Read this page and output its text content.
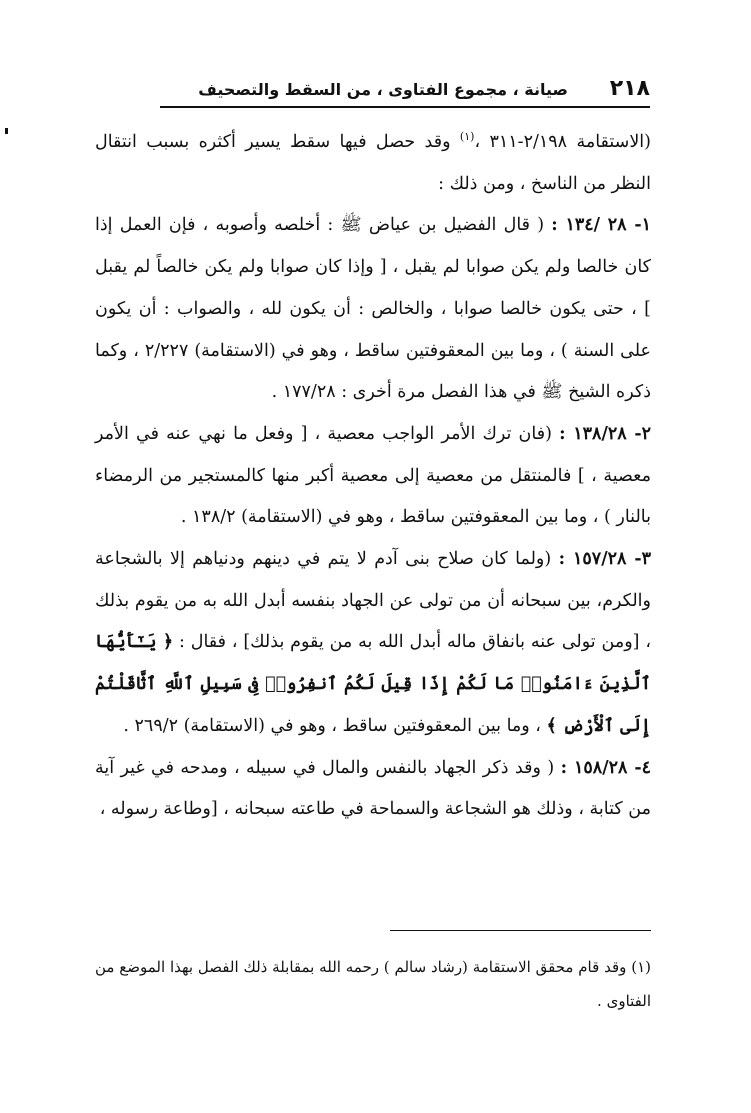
٢١٨
صيانة ، مجموع الفتاوى ، من السقط والتصحيف

(الاستقامة ٢/١٩٨-٣١١ ،$^{(١)}$ وقد حصل فيها سقط يسير أكثره بسبب انتقال النظر من الناسخ ، ومن ذلك :

١- ٢٨ /١٣٤ : ( قال الفضيل بن عياض ﷺ : أخلصه وأصوبه ، فإن العمل إذا كان خالصا ولم يكن صوابا لم يقبل ، [ وإذا كان صوابا ولم يكن خالصاً لم يقبل ] ، حتى يكون خالصا صوابا ، والخالص : أن يكون لله ، والصواب : أن يكون على السنة ) ، وما بين المعقوفتين ساقط ، وهو في (الاستقامة) ٢/٢٢٧ ، وكما ذكره الشيخ ﷺ في هذا الفصل مرة أخرى : ١٧٧/٢٨ .

٢- ١٣٨/٢٨ : (فان ترك الأمر الواجب معصية ، [ وفعل ما نهي عنه في الأمر معصية ، ] فالمنتقل من معصية إلى معصية أكبر منها كالمستجير من الرمضاء بالنار ) ، وما بين المعقوفتين ساقط ، وهو في (الاستقامة) ١٣٨/٢ .

٣- ١٥٧/٢٨ : (ولما كان صلاح بنى آدم لا يتم في دينهم ودنياهم إلا بالشجاعة والكرم، بين سبحانه أن من تولى عن الجهاد بنفسه أبدل الله به من يقوم بذلك ، [ومن تولى عنه بانفاق ماله أبدل الله به من يقوم بذلك] ، فقال : ﴿ يَـٰٓأَيُّهَا ٱلَّذِينَ ءَامَنُوا۟ مَا لَكُمْ إِذَا قِيلَ لَكُمُ ٱنفِرُوا۟ فِى سَبِيلِ ٱللَّهِ ٱثَّاقَلْتُمْ إِلَى ٱلْأَرْضِ ﴾ ، وما بين المعقوفتين ساقط ، وهو في (الاستقامة) ٢٦٩/٢ .

٤- ١٥٨/٢٨ : ( وقد ذكر الجهاد بالنفس والمال في سبيله ، ومدحه في غير آية من كتابة ، وذلك هو الشجاعة والسماحة في طاعته سبحانه ، [وطاعة رسوله ،

(١) وقد قام محقق الاستقامة (رشاد سالم ) رحمه الله بمقابلة ذلك الفصل بهذا الموضع من الفتاوى .
